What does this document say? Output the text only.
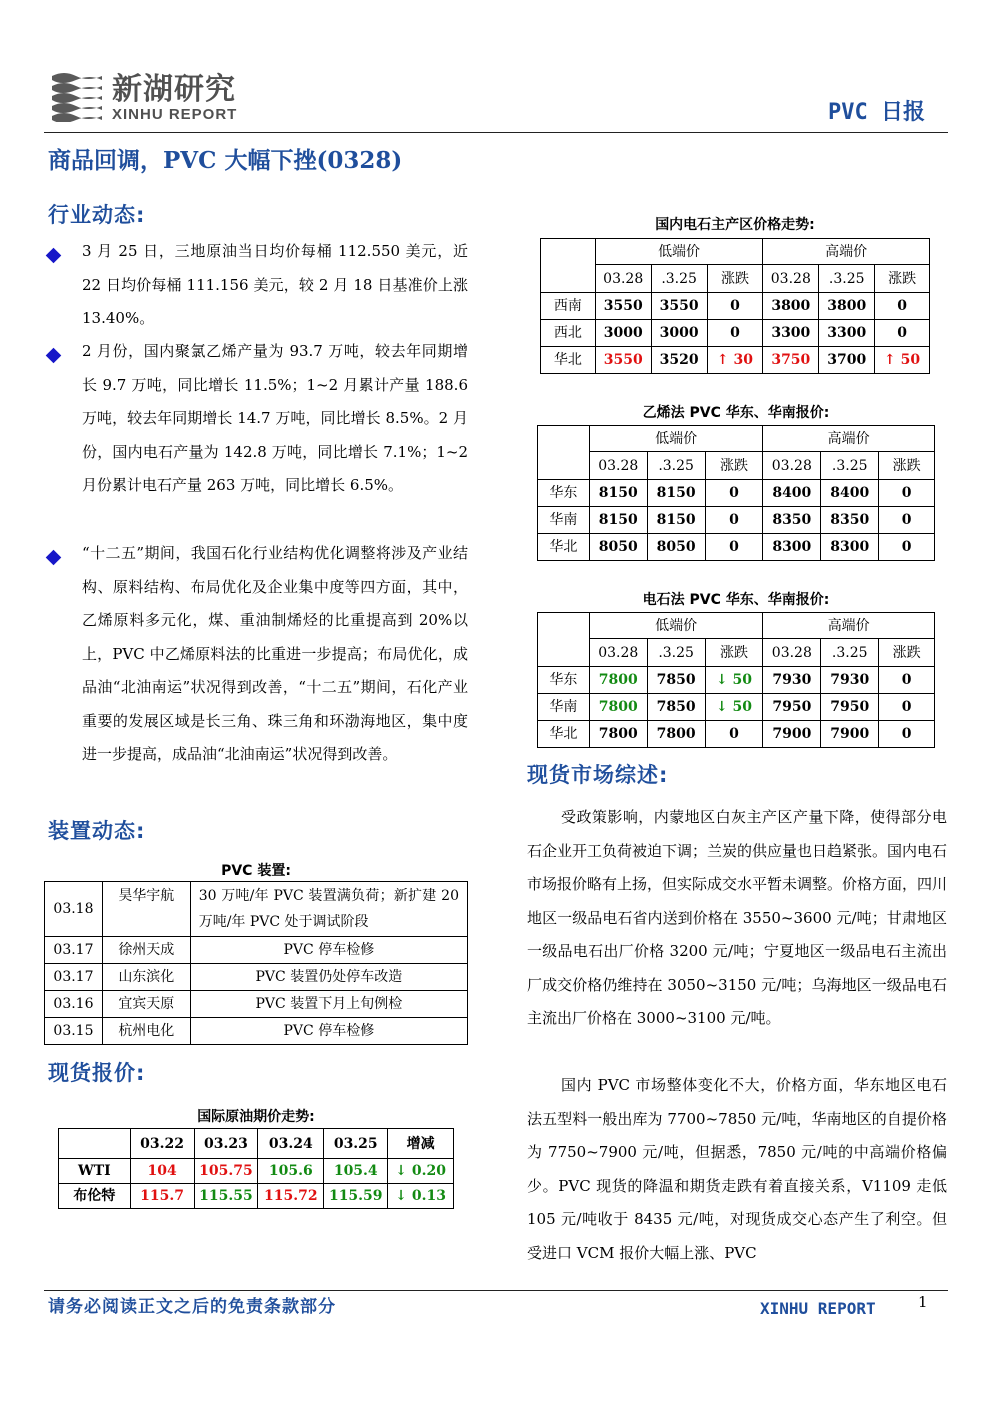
新湖研究
XINHU REPORT	PVC 日报
商品回调，PVC 大幅下挫(0328)
行业动态:
3 月 25 日，三地原油当日均价每桶 112.550 美元，近 22 日均价每桶 111.156 美元，较 2 月 18 日基准价上涨 13.40%。
2 月份，国内聚氯乙烯产量为 93.7 万吨，较去年同期增长 9.7 万吨，同比增长 11.5%；1~2 月累计产量 188.6 万吨，较去年同期增长 14.7 万吨，同比增长 8.5%。2 月份，国内电石产量为 142.8 万吨，同比增长 7.1%；1~2 月份累计电石产量 263 万吨，同比增长 6.5%。
“十二五”期间，我国石化行业结构优化调整将涉及产业结构、原料结构、布局优化及企业集中度等四方面，其中，乙烯原料多元化，煤、重油制烯烃的比重提高到 20%以上，PVC 中乙烯原料法的比重进一步提高；布局优化，成品油“北油南运”状况得到改善，“十二五”期间，石化产业重要的发展区域是长三角、珠三角和环渤海地区，集中度进一步提高，成品油“北油南运”状况得到改善。
装置动态:
PVC 装置:
03.18	昊华宇航	30 万吨/年 PVC 装置满负荷；新扩建 20 万吨/年 PVC 处于调试阶段
03.17	徐州天成	PVC 停车检修
03.17	山东滨化	PVC 装置仍处停车改造
03.16	宜宾天原	PVC 装置下月上旬例检
03.15	杭州电化	PVC 停车检修
现货报价:
国际原油期价走势:
	03.22	03.23	03.24	03.25	增减
WTI	104	105.75	105.6	105.4	↓ 0.20
布伦特	115.7	115.55	115.72	115.59	↓ 0.13
国内电石主产区价格走势:
	低端价			高端价		
	03.28	.3.25	涨跌	03.28	.3.25	涨跌
西南	3550	3550	0	3800	3800	0
西北	3000	3000	0	3300	3300	0
华北	3550	3520	↑ 30	3750	3700	↑ 50
乙烯法 PVC 华东、华南报价:
	低端价			高端价		
	03.28	.3.25	涨跌	03.28	.3.25	涨跌
华东	8150	8150	0	8400	8400	0
华南	8150	8150	0	8350	8350	0
华北	8050	8050	0	8300	8300	0
电石法 PVC 华东、华南报价:
	低端价			高端价		
	03.28	.3.25	涨跌	03.28	.3.25	涨跌
华东	7800	7850	↓ 50	7930	7930	0
华南	7800	7850	↓ 50	7950	7950	0
华北	7800	7800	0	7900	7900	0
现货市场综述:
受政策影响，内蒙地区白灰主产区产量下降，使得部分电石企业开工负荷被迫下调；兰炭的供应量也日趋紧张。国内电石市场报价略有上扬，但实际成交水平暂未调整。价格方面，四川地区一级品电石省内送到价格在 3550~3600 元/吨；甘肃地区一级品电石出厂价格 3200 元/吨；宁夏地区一级品电石主流出厂成交价格仍维持在 3050~3150 元/吨；乌海地区一级品电石主流出厂价格在 3000~3100 元/吨。
国内 PVC 市场整体变化不大，价格方面，华东地区电石法五型料一般出库为 7700~7850 元/吨，华南地区的自提价格为 7750~7900 元/吨，但据悉，7850 元/吨的中高端价格偏少。PVC 现货的降温和期货走跌有着直接关系，V1109 走低 105 元/吨收于 8435 元/吨，对现货成交心态产生了利空。但受进口 VCM 报价大幅上涨、PVC
请务必阅读正文之后的免责条款部分	XINHU REPORT	1
